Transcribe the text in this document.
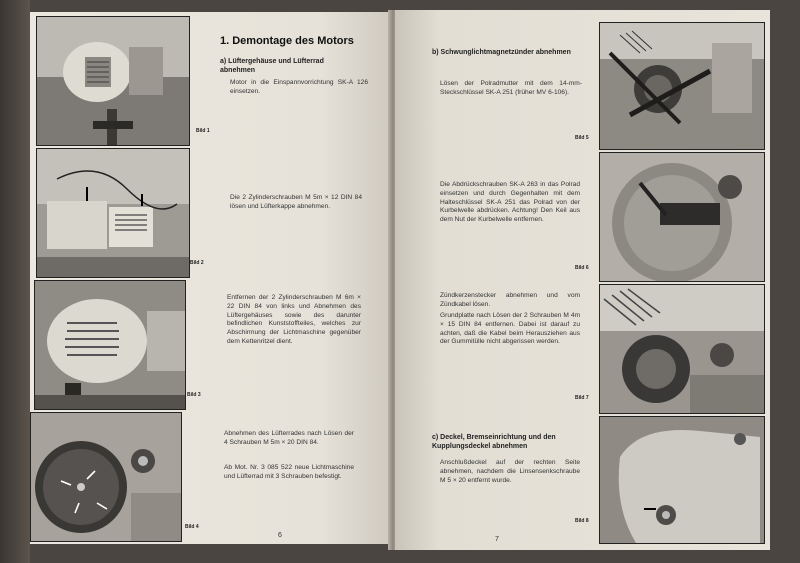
Bild 1
Bild 2
Bild 3
Bild 4
1. Demontage des Motors
a) Lüftergehäuse und Lüfterrad abnehmen
Motor in die Einspannvorrichtung SK-A 126 einsetzen.
Die 2 Zylinderschrauben M 5m × 12 DIN 84 lösen und Lüfterkappe abnehmen.
Entfernen der 2 Zylinderschrauben M 6m × 22 DIN 84 von links und Abnehmen des Lüftergehäuses sowie des darunter befindlichen Kunststoffteiles, welches zur Abschirmung der Lichtmaschine gegenüber dem Kettenritzel dient.
Abnehmen des Lüfterrades nach Lösen der 4 Schrauben M 5m × 20 DIN 84.
Ab Mot. Nr. 3 085 522 neue Lichtmaschine und Lüfterrad mit 3 Schrauben befestigt.
6
b) Schwunglichtmagnetzünder abnehmen
Lösen der Polradmutter mit dem 14-mm-Steckschlüssel SK-A 251 (früher MV 6-106).
Die Abdrückschrauben SK-A 263 in das Polrad einsetzen und durch Gegenhalten mit dem Halteschlüssel SK-A 251 das Polrad von der Kurbelwelle abdrücken. Achtung! Den Keil aus dem Nut der Kurbelwelle entfernen.
Zündkerzenstecker abnehmen und vom Zündkabel lösen.
Grundplatte nach Lösen der 2 Schrauben M 4m × 15 DIN 84 entfernen. Dabei ist darauf zu achten, daß die Kabel beim Herausziehen aus der Gummitülle nicht abgerissen werden.
c) Deckel, Bremseinrichtung und den Kupplungsdeckel abnehmen
Anschlußdeckel auf der rechten Seite abnehmen, nachdem die Linsensenkschraube M 5 × 20 entfernt wurde.
7
Bild 5
Bild 6
Bild 7
Bild 8
